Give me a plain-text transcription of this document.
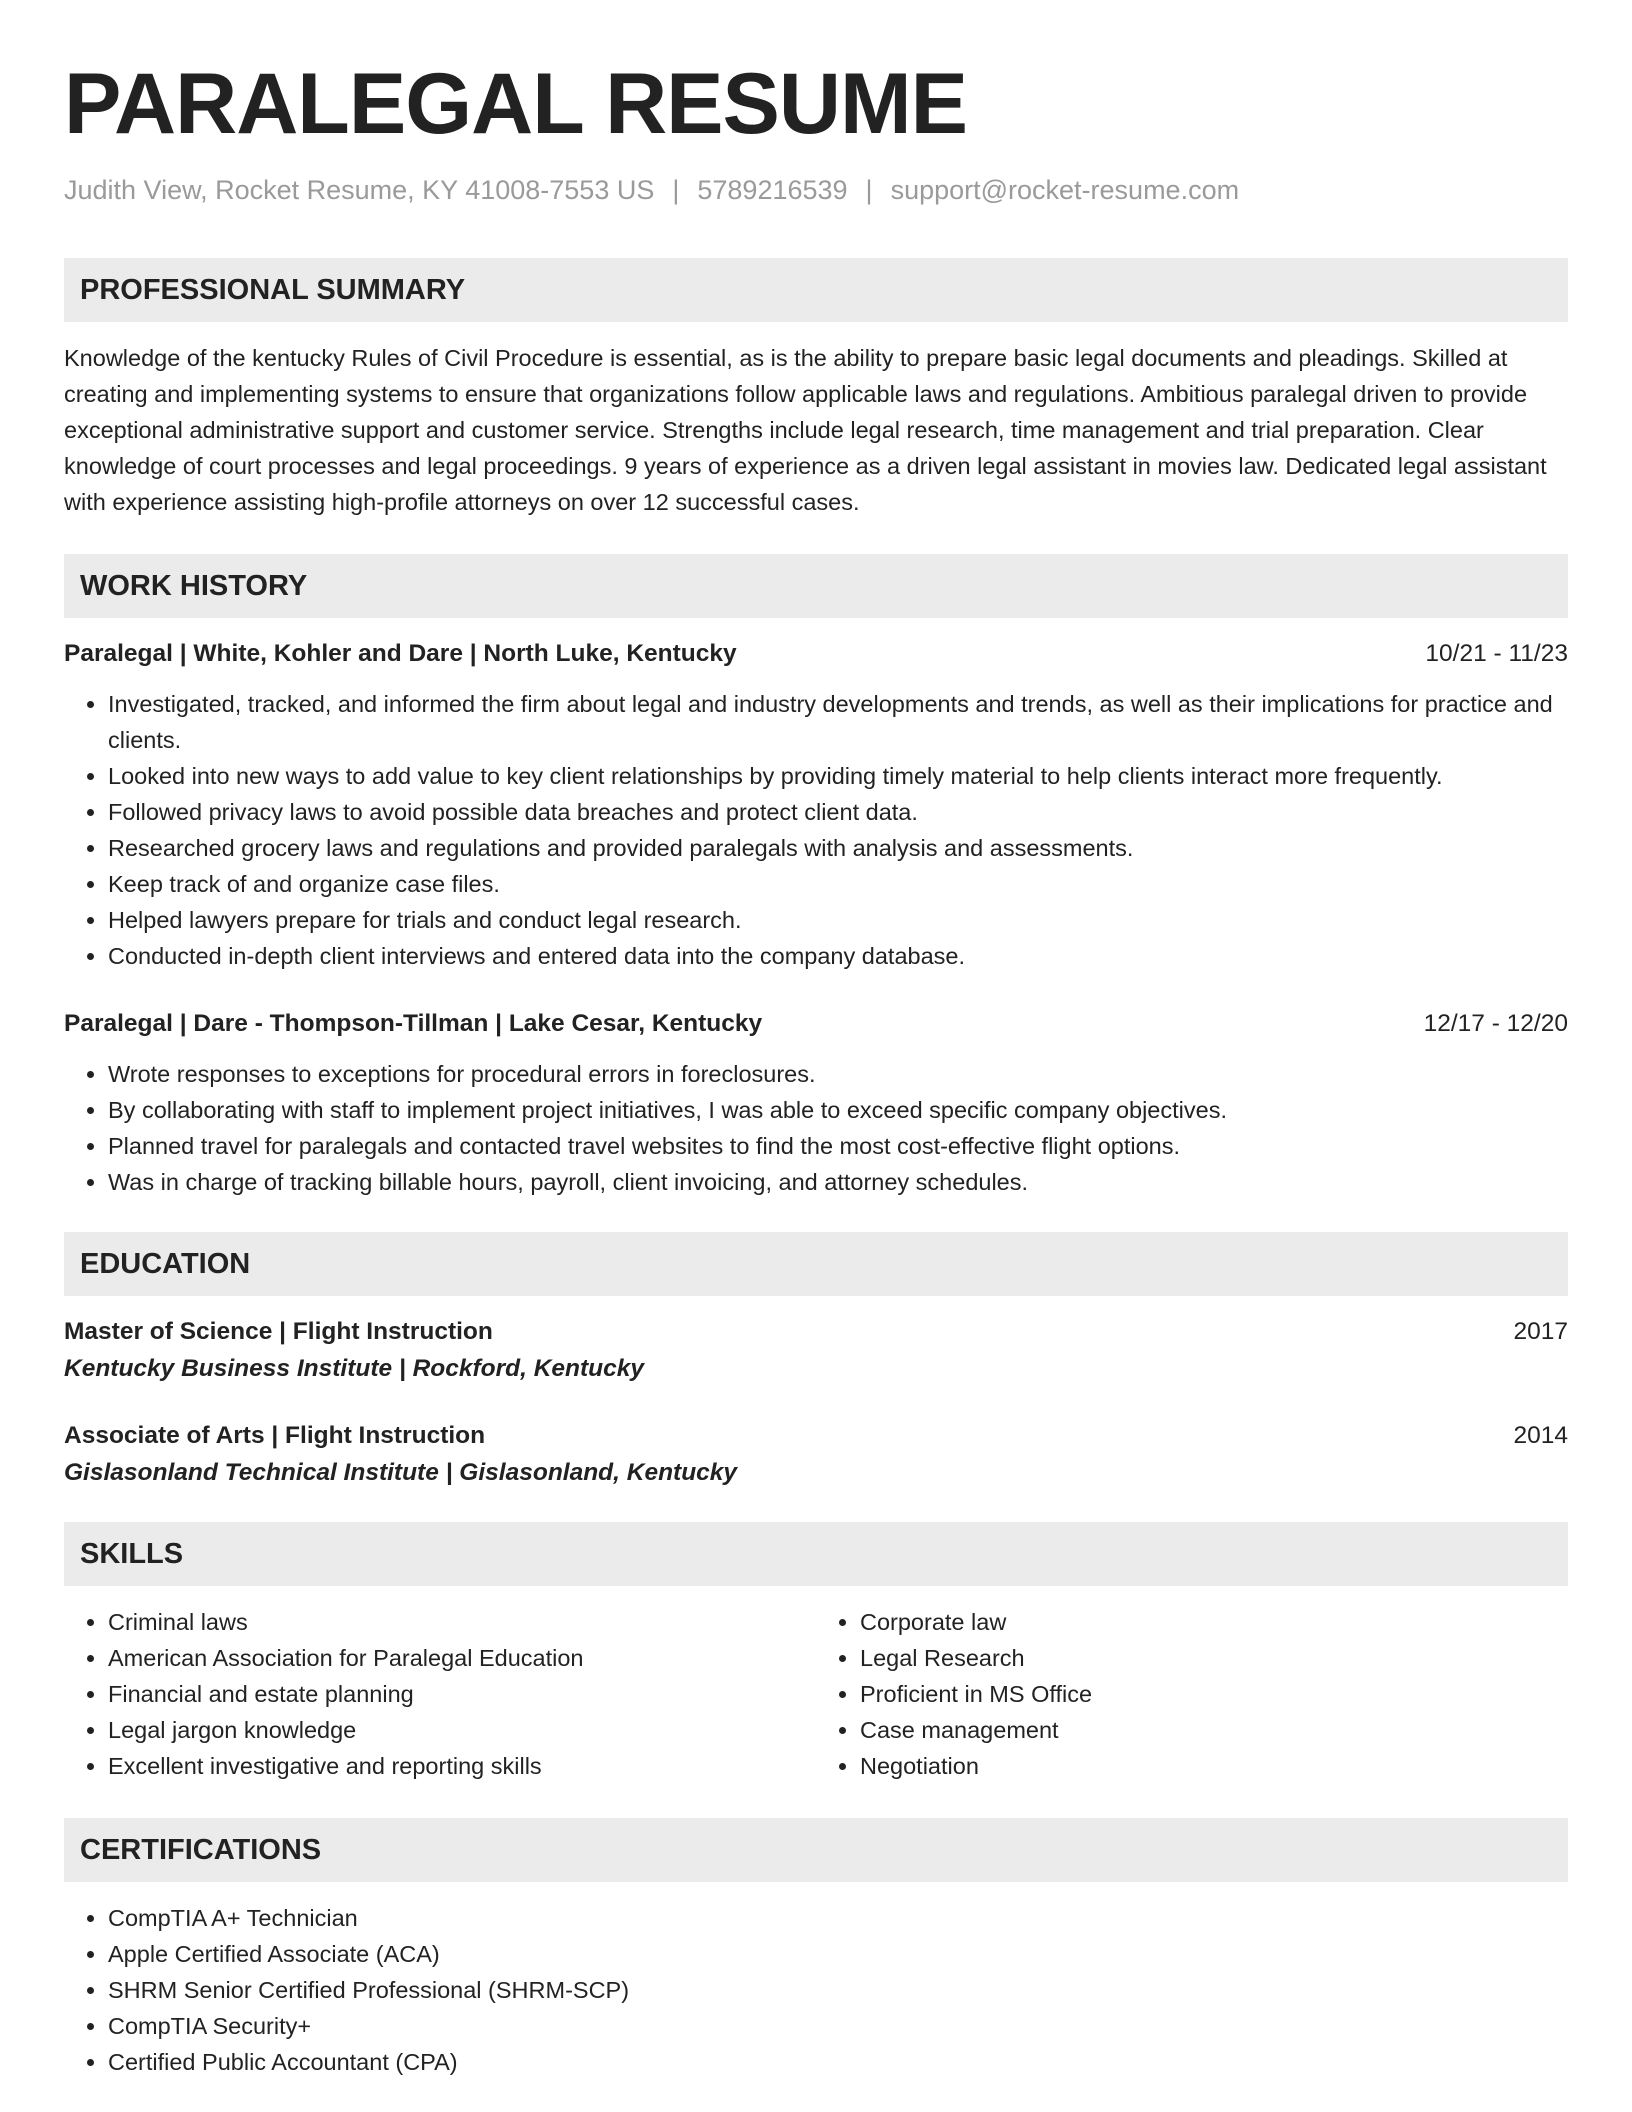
PARALEGAL RESUME
Judith View, Rocket Resume, KY 41008-7553 US | 5789216539 | support@rocket-resume.com
PROFESSIONAL SUMMARY

Knowledge of the kentucky Rules of Civil Procedure is essential, as is the ability to prepare basic legal documents and pleadings. Skilled at creating and implementing systems to ensure that organizations follow applicable laws and regulations. Ambitious paralegal driven to provide exceptional administrative support and customer service. Strengths include legal research, time management and trial preparation. Clear knowledge of court processes and legal proceedings. 9 years of experience as a driven legal assistant in movies law. Dedicated legal assistant with experience assisting high-profile attorneys on over 12 successful cases.

WORK HISTORY
Paralegal | White, Kohler and Dare | North Luke, Kentucky	10/21 - 11/23
• Investigated, tracked, and informed the firm about legal and industry developments and trends, as well as their implications for practice and clients.
• Looked into new ways to add value to key client relationships by providing timely material to help clients interact more frequently.
• Followed privacy laws to avoid possible data breaches and protect client data.
• Researched grocery laws and regulations and provided paralegals with analysis and assessments.
• Keep track of and organize case files.
• Helped lawyers prepare for trials and conduct legal research.
• Conducted in-depth client interviews and entered data into the company database.
Paralegal | Dare - Thompson-Tillman | Lake Cesar, Kentucky	12/17 - 12/20
• Wrote responses to exceptions for procedural errors in foreclosures.
• By collaborating with staff to implement project initiatives, I was able to exceed specific company objectives.
• Planned travel for paralegals and contacted travel websites to find the most cost-effective flight options.
• Was in charge of tracking billable hours, payroll, client invoicing, and attorney schedules.
EDUCATION
Master of Science | Flight Instruction	2017
Kentucky Business Institute | Rockford, Kentucky
Associate of Arts | Flight Instruction	2014
Gislasonland Technical Institute | Gislasonland, Kentucky
SKILLS
• Criminal laws
• American Association for Paralegal Education
• Financial and estate planning
• Legal jargon knowledge
• Excellent investigative and reporting skills
• Corporate law
• Legal Research
• Proficient in MS Office
• Case management
• Negotiation
CERTIFICATIONS
• CompTIA A+ Technician
• Apple Certified Associate (ACA)
• SHRM Senior Certified Professional (SHRM-SCP)
• CompTIA Security+
• Certified Public Accountant (CPA)
